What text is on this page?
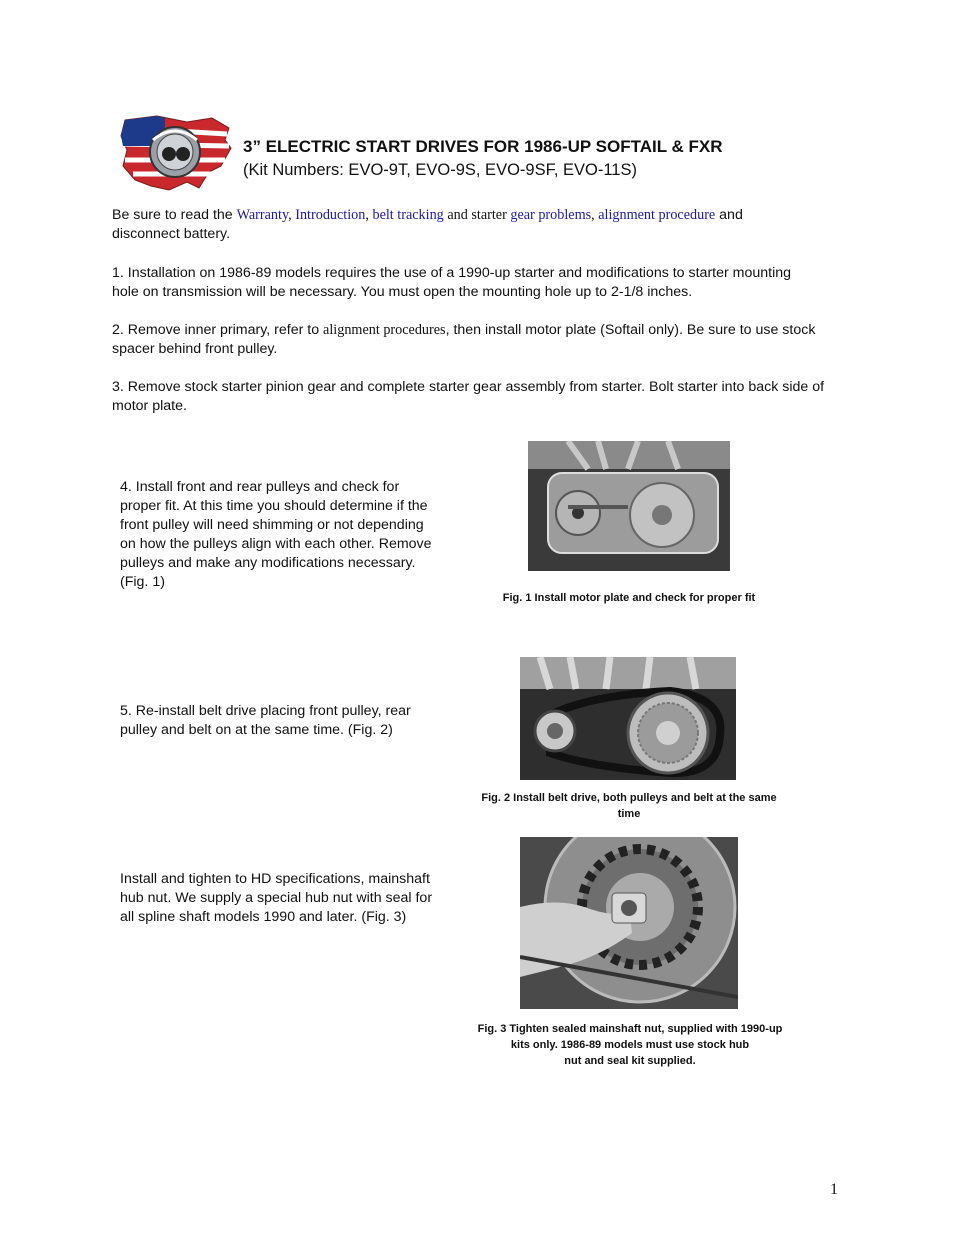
3” ELECTRIC START DRIVES FOR 1986-UP SOFTAIL & FXR
(Kit Numbers: EVO-9T, EVO-9S, EVO-9SF, EVO-11S)
Be sure to read the Warranty, Introduction, belt tracking and starter gear problems, alignment procedure and
disconnect battery.
1. Installation on 1986-89 models requires the use of a 1990-up starter and modifications to starter mounting
hole on transmission will be necessary. You must open the mounting hole up to 2-1/8 inches.
2. Remove inner primary, refer to alignment procedures, then install motor plate (Softail only). Be sure to use stock
spacer behind front pulley.
3. Remove stock starter pinion gear and complete starter gear assembly from starter. Bolt starter into back side of
motor plate.
4. Install front and rear pulleys and check for
proper fit. At this time you should determine if the
front pulley will need shimming or not depending
on how the pulleys align with each other. Remove
pulleys and make any modifications necessary.
(Fig. 1)
Fig. 1 Install motor plate and check for proper fit
5. Re-install belt drive placing front pulley, rear
pulley and belt on at the same time. (Fig. 2)
Fig. 2 Install belt drive, both pulleys and belt at the same
time
Install and tighten to HD specifications, mainshaft
hub nut. We supply a special hub nut with seal for
all spline shaft models 1990 and later. (Fig. 3)
Fig. 3 Tighten sealed mainshaft nut, supplied with 1990-up
kits only. 1986-89 models must use stock hub
nut and seal kit supplied.
1
